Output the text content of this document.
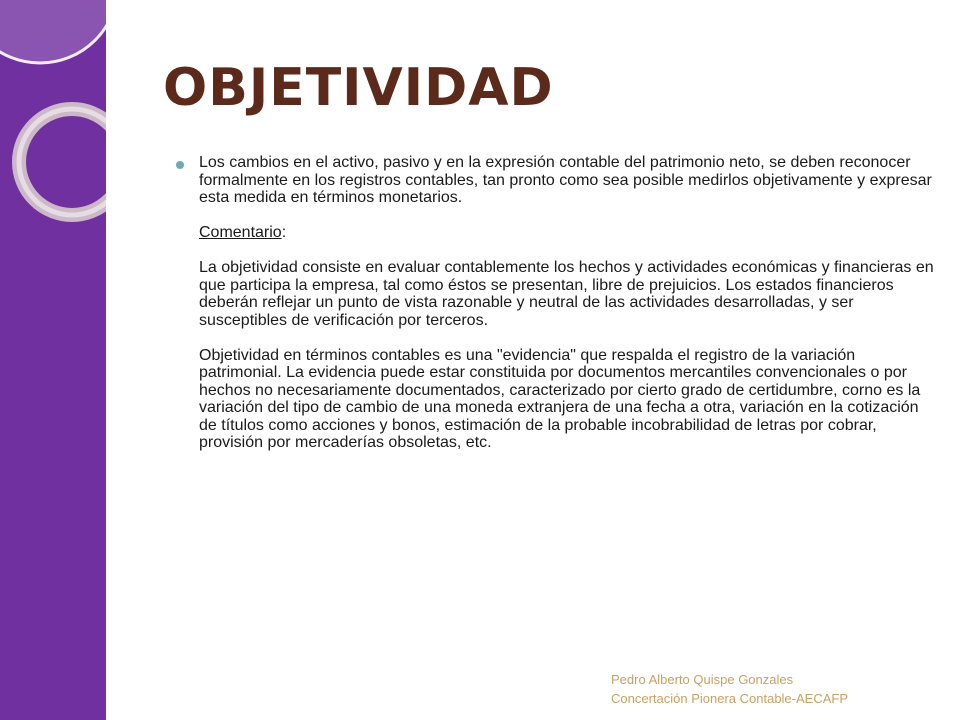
OBJETIVIDAD

Los cambios en el activo, pasivo y en la expresión contable del patrimonio neto, se deben reconocer formalmente en los registros contables, tan pronto como sea posible medirlos objetivamente y expresar esta medida en términos monetarios.

Comentario:

La objetividad consiste en evaluar contablemente los hechos y actividades económicas y financieras en que participa la empresa, tal como éstos se presentan, libre de prejuicios. Los estados financieros deberán reflejar un punto de vista razonable y neutral de las actividades desarrolladas, y ser susceptibles de verificación por terceros.

Objetividad en términos contables es una "evidencia" que respalda el registro de la variación patrimonial. La evidencia puede estar constituida por documentos mercantiles convencionales o por hechos no necesariamente documentados, caracterizado por cierto grado de certidumbre, corno es la variación del tipo de cambio de una moneda extranjera de una fecha a otra, variación en la cotización de títulos como acciones y bonos, estimación de la probable incobrabilidad de letras por cobrar, provisión por mercaderías obsoletas, etc.

Pedro Alberto Quispe Gonzales
Concertación Pionera Contable-AECAFP
